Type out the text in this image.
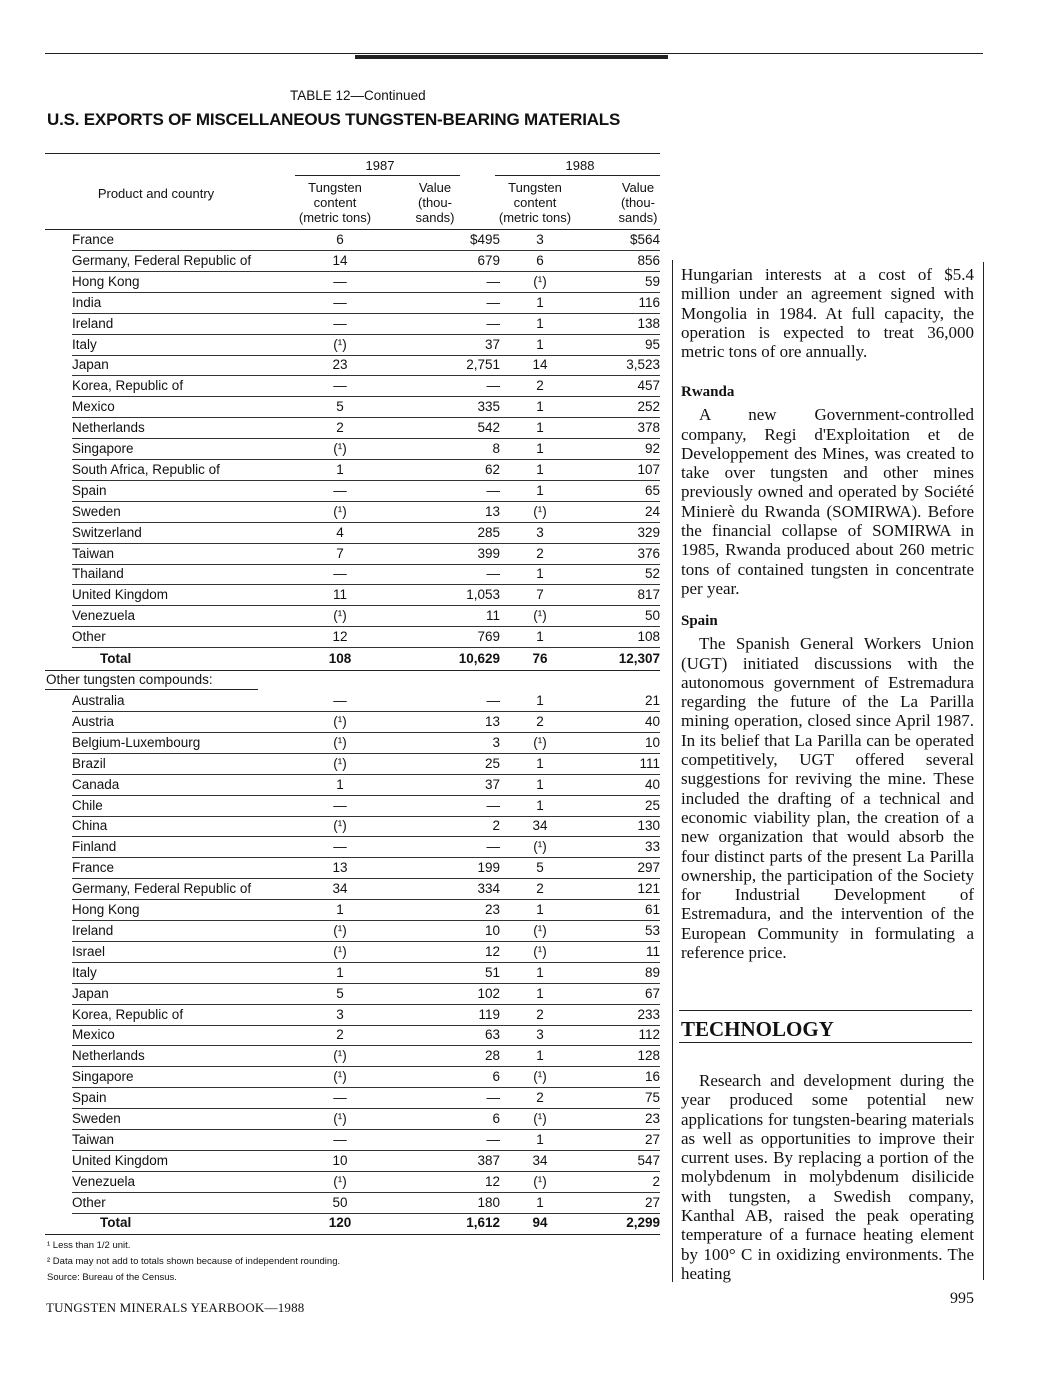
TABLE 12—Continued
U.S. EXPORTS OF MISCELLANEOUS TUNGSTEN-BEARING MATERIALS
Product and country
1987	1988
Tungsten
content
(metric tons)
Value
(thou-
sands)
Tungsten
content
(metric tons)
Value
(thou-
sands)
France	6	$495	3	$564
Germany, Federal Republic of	14	679	6	856
Hong Kong	—	—	(¹)	59
India	—	—	1	116
Ireland	—	—	1	138
Italy	(¹)	37	1	95
Japan	23	2,751	14	3,523
Korea, Republic of	—	—	2	457
Mexico	5	335	1	252
Netherlands	2	542	1	378
Singapore	(¹)	8	1	92
South Africa, Republic of	1	62	1	107
Spain	—	—	1	65
Sweden	(¹)	13	(¹)	24
Switzerland	4	285	3	329
Taiwan	7	399	2	376
Thailand	—	—	1	52
United Kingdom	11	1,053	7	817
Venezuela	(¹)	11	(¹)	50
Other	12	769	1	108
Total	108	10,629	76	12,307
Other tungsten compounds:
Australia	—	—	1	21
Austria	(¹)	13	2	40
Belgium-Luxembourg	(¹)	3	(¹)	10
Brazil	(¹)	25	1	111
Canada	1	37	1	40
Chile	—	—	1	25
China	(¹)	2	34	130
Finland	—	—	(¹)	33
France	13	199	5	297
Germany, Federal Republic of	34	334	2	121
Hong Kong	1	23	1	61
Ireland	(¹)	10	(¹)	53
Israel	(¹)	12	(¹)	11
Italy	1	51	1	89
Japan	5	102	1	67
Korea, Republic of	3	119	2	233
Mexico	2	63	3	112
Netherlands	(¹)	28	1	128
Singapore	(¹)	6	(¹)	16
Spain	—	—	2	75
Sweden	(¹)	6	(¹)	23
Taiwan	—	—	1	27
United Kingdom	10	387	34	547
Venezuela	(¹)	12	(¹)	2
Other	50	180	1	27
Total	120	1,612	94	2,299
¹ Less than 1/2 unit.
² Data may not add to totals shown because of independent rounding.
Source: Bureau of the Census.
TUNGSTEN MINERALS YEARBOOK—1988
995

Hungarian interests at a cost of $5.4 million under an agreement signed with Mongolia in 1984. At full capacity, the operation is expected to treat 36,000 metric tons of ore annually.

Rwanda

A new Government-controlled company, Regi d'Exploitation et de Developpement des Mines, was created to take over tungsten and other mines previously owned and operated by Société Minierè du Rwanda (SOMIRWA). Before the financial collapse of SOMIRWA in 1985, Rwanda produced about 260 metric tons of contained tungsten in concentrate per year.

Spain

The Spanish General Workers Union (UGT) initiated discussions with the autonomous government of Estremadura regarding the future of the La Parilla mining operation, closed since April 1987. In its belief that La Parilla can be operated competitively, UGT offered several suggestions for reviving the mine. These included the drafting of a technical and economic viability plan, the creation of a new organization that would absorb the four distinct parts of the present La Parilla ownership, the participation of the Society for Industrial Development of Estremadura, and the intervention of the European Community in formulating a reference price.

TECHNOLOGY

Research and development during the year produced some potential new applications for tungsten-bearing materials as well as opportunities to improve their current uses. By replacing a portion of the molybdenum in molybdenum disilicide with tungsten, a Swedish company, Kanthal AB, raised the peak operating temperature of a furnace heating element by 100° C in oxidizing environments. The heating
